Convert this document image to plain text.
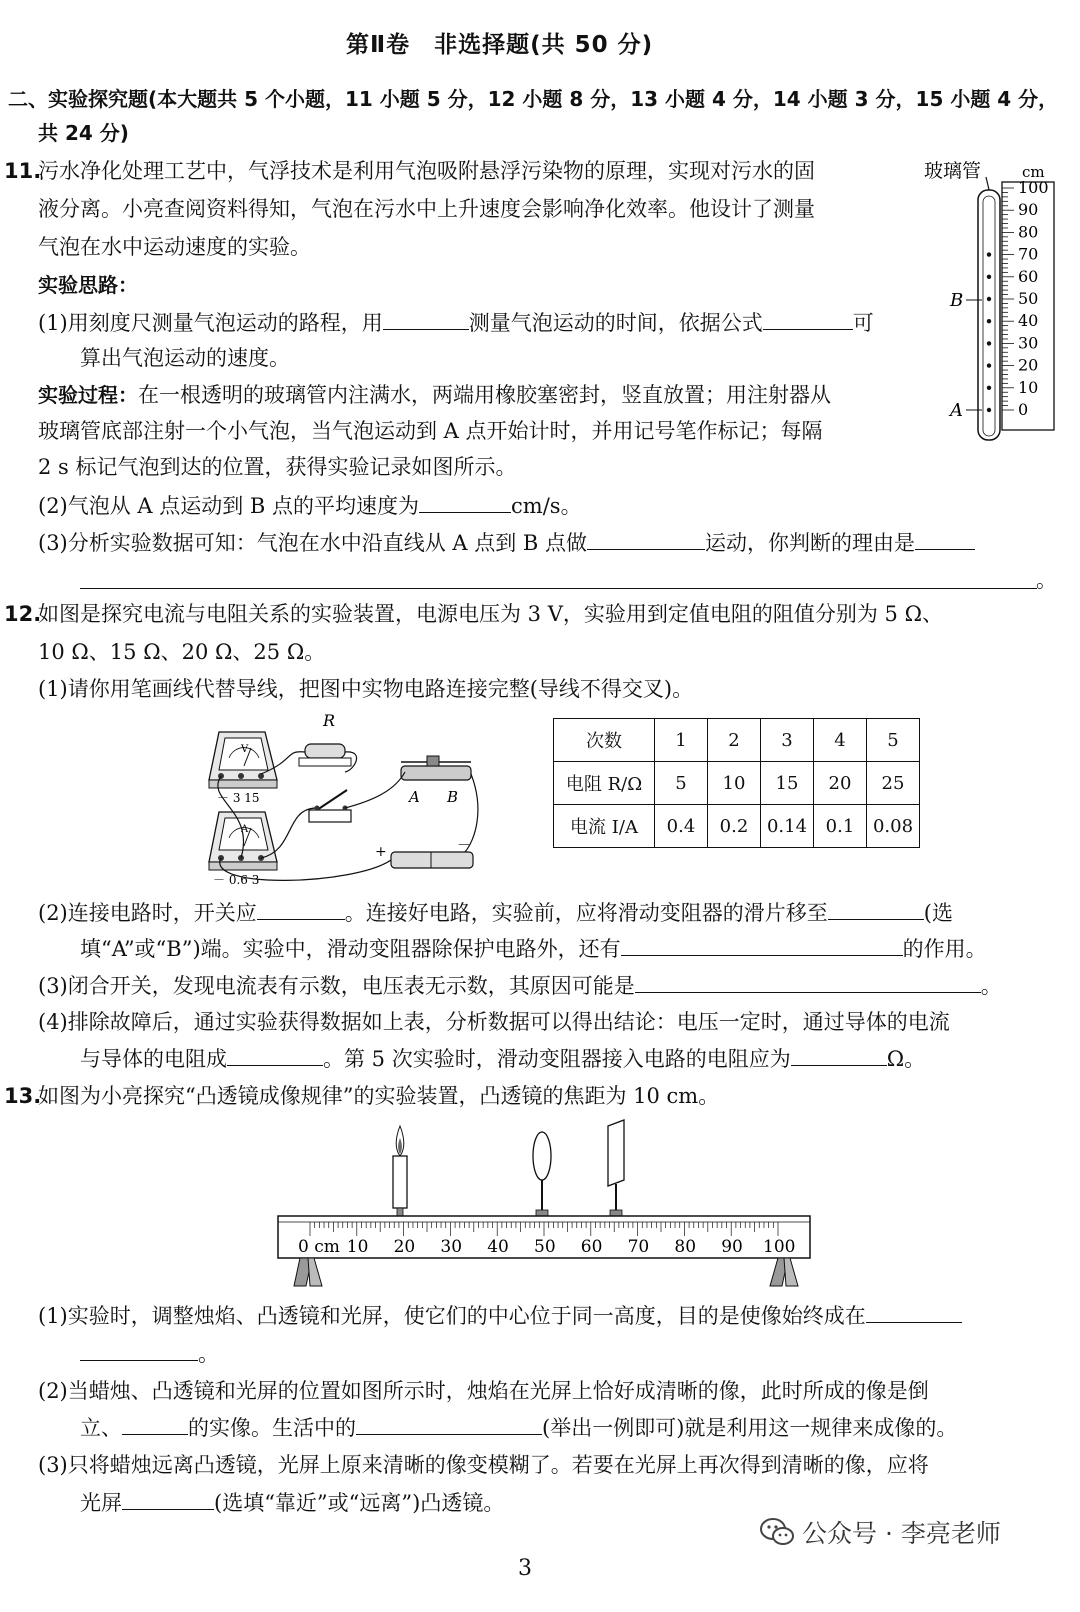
第Ⅱ卷　非选择题(共 50 分)
二、实验探究题(本大题共 5 个小题，11 小题 5 分，12 小题 8 分，13 小题 4 分，14 小题 3 分，15 小题 4 分，
共 24 分)
11.
污水净化处理工艺中，气浮技术是利用气泡吸附悬浮污染物的原理，实现对污水的固
液分离。小亮查阅资料得知，气泡在污水中上升速度会影响净化效率。他设计了测量
气泡在水中运动速度的实验。
实验思路：
(1)用刻度尺测量气泡运动的路程，用	测量气泡运动的时间，依据公式	可
算出气泡运动的速度。
实验过程：在一根透明的玻璃管内注满水，两端用橡胶塞密封，竖直放置；用注射器从
玻璃管底部注射一个小气泡，当气泡运动到 A 点开始计时，并用记号笔作标记；每隔
2 s 标记气泡到达的位置，获得实验记录如图所示。
(2)气泡从 A 点运动到 B 点的平均速度为	cm/s。
(3)分析实验数据可知：气泡在水中沿直线从 A 点到 B 点做	运动，你判断的理由是
。
玻璃管	cm
100
90
80
70
60
50
40
30
20
10
0
B
A
12.
如图是探究电流与电阻关系的实验装置，电源电压为 3 V，实验用到定值电阻的阻值分别为 5 Ω、
10 Ω、15 Ω、20 Ω、25 Ω。
(1)请你用笔画线代替导线，把图中实物电路连接完整(导线不得交叉)。
V
－ 3 15
A
－ 0.6 3
R
A B
+	－
次数	1	2	3	4	5
电阻 R/Ω	5	10	15	20	25
电流 I/A	0.4	0.2	0.14	0.1	0.08
(2)连接电路时，开关应	。连接好电路，实验前，应将滑动变阻器的滑片移至	(选
填“A”或“B”)端。实验中，滑动变阻器除保护电路外，还有	的作用。
(3)闭合开关，发现电流表有示数，电压表无示数，其原因可能是	。
(4)排除故障后，通过实验获得数据如上表，分析数据可以得出结论：电压一定时，通过导体的电流
与导体的电阻成	。第 5 次实验时，滑动变阻器接入电路的电阻应为	Ω。
13.
如图为小亮探究“凸透镜成像规律”的实验装置，凸透镜的焦距为 10 cm。
0 cm 10 20 30 40 50 60 70 80 90 100
(1)实验时，调整烛焰、凸透镜和光屏，使它们的中心位于同一高度，目的是使像始终成在
。
(2)当蜡烛、凸透镜和光屏的位置如图所示时，烛焰在光屏上恰好成清晰的像，此时所成的像是倒
立、	的实像。生活中的	(举出一例即可)就是利用这一规律来成像的。
(3)只将蜡烛远离凸透镜，光屏上原来清晰的像变模糊了。若要在光屏上再次得到清晰的像，应将
光屏	(选填“靠近”或“远离”)凸透镜。
公众号 · 李亮老师
3
